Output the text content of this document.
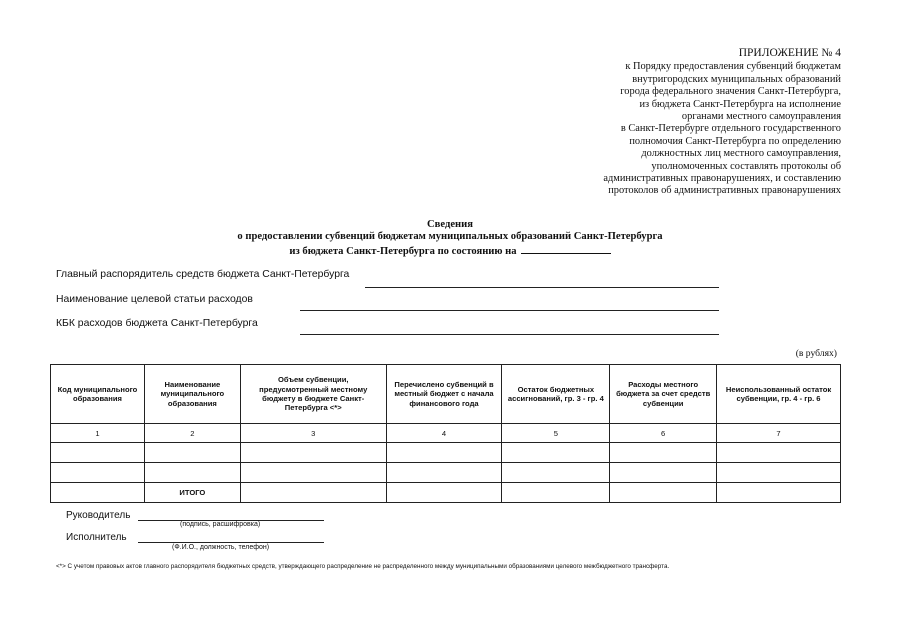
ПРИЛОЖЕНИЕ № 4
к Порядку предоставления субвенций бюджетам
внутригородских муниципальных образований
города федерального значения Санкт-Петербурга,
из бюджета Санкт-Петербурга на исполнение
органами местного самоуправления
в Санкт-Петербурге отдельного государственного
полномочия Санкт-Петербурга по определению
должностных лиц местного самоуправления,
уполномоченных составлять протоколы об
административных правонарушениях, и составлению
протоколов об административных правонарушениях
Сведения
о предоставлении субвенций бюджетам муниципальных образований Санкт-Петербурга
из бюджета Санкт-Петербурга по состоянию на
Главный распорядитель средств бюджета Санкт-Петербурга
Наименование целевой статьи расходов
КБК расходов бюджета Санкт-Петербурга
(в рублях)
Код муниципального образования	Наименование муниципального образования	Объем субвенции, предусмотренный местному бюджету в бюджете Санкт-Петербурга <*>	Перечислено субвенций в местный бюджет с начала финансового года	Остаток бюджетных ассигнований, гр. 3 - гр. 4	Расходы местного бюджета за счет средств субвенции	Неиспользованный остаток субвенции, гр. 4 - гр. 6
1	2	3	4	5	6	7

	ИТОГО					
Руководитель
(подпись, расшифровка)
Исполнитель
(Ф.И.О., должность, телефон)
<*> С учетом правовых актов главного распорядителя бюджетных средств, утверждающего распределение не распределенного между муниципальными образованиями целевого межбюджетного трансферта.
